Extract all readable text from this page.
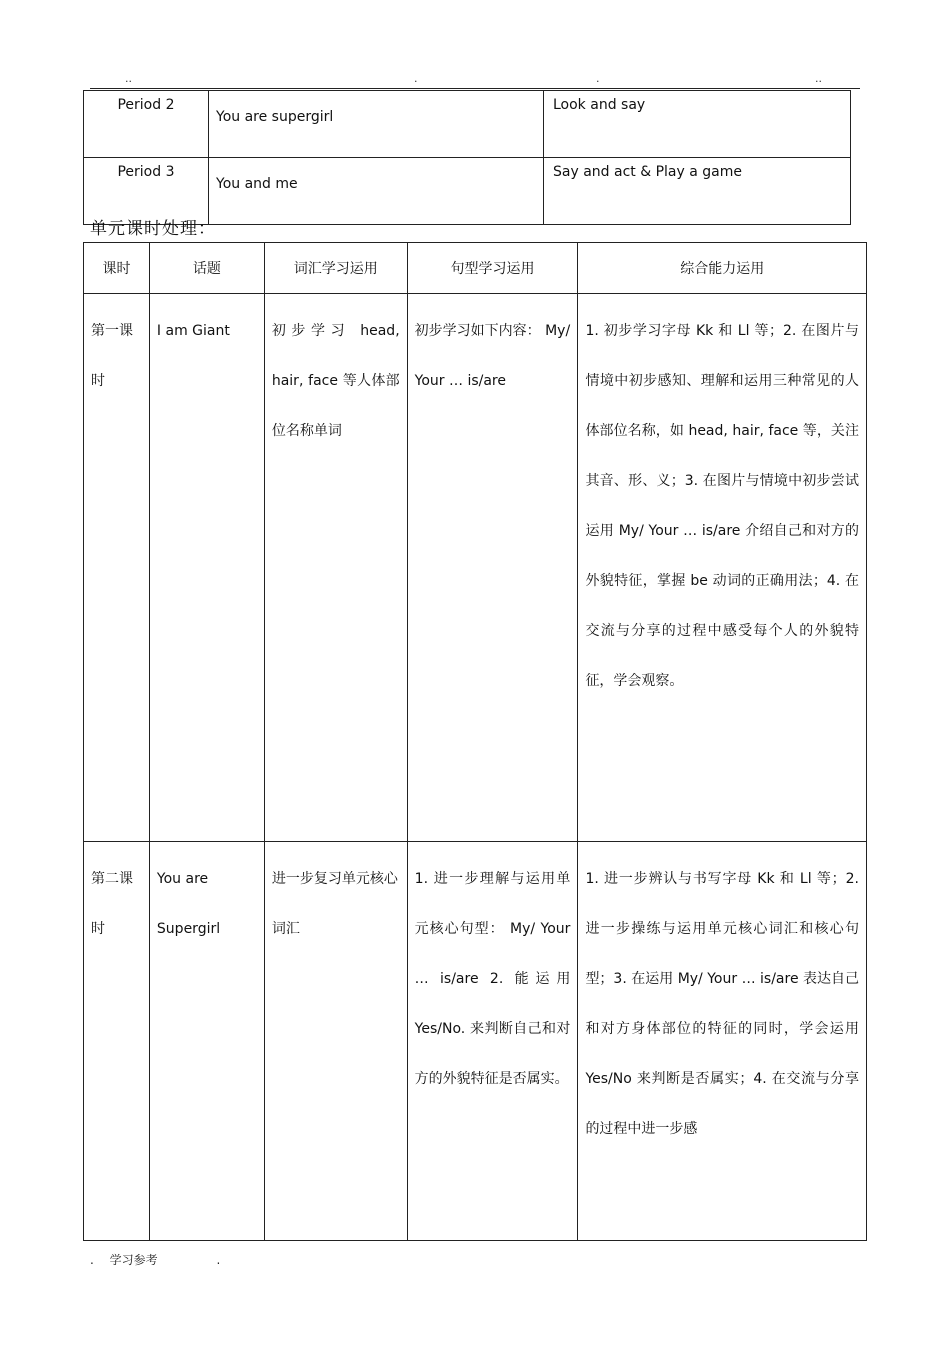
..	.	.	..
Period 2	You are supergirl	Look and say
Period 3	You and me	Say and act & Play a game
单元课时处理：
课时	话题	词汇学习运用	句型学习运用	综合能力运用
第一课时	I am Giant	初步学习 head, hair, face 等人体部位名称单词	初步学习如下内容： My/ Your … is/are	1. 初步学习字母 Kk 和 Ll 等；2. 在图片与情境中初步感知、理解和运用三种常见的人体部位名称，如 head, hair, face 等，关注其音、形、义；3. 在图片与情境中初步尝试运用 My/ Your … is/are 介绍自己和对方的外貌特征，掌握 be 动词的正确用法；4. 在交流与分享的过程中感受每个人的外貌特征，学会观察。
第二课时	You are Supergirl	进一步复习单元核心词汇	1. 进一步理解与运用单元核心句型： My/ Your … is/are 2. 能运用 Yes/No. 来判断自己和对方的外貌特征是否属实。	1. 进一步辨认与书写字母 Kk 和 Ll 等；2. 进一步操练与运用单元核心词汇和核心句型；3. 在运用 My/ Your … is/are 表达自己和对方身体部位的特征的同时，学会运用 Yes/No 来判断是否属实；4. 在交流与分享的过程中进一步感
. 学习参考	.
